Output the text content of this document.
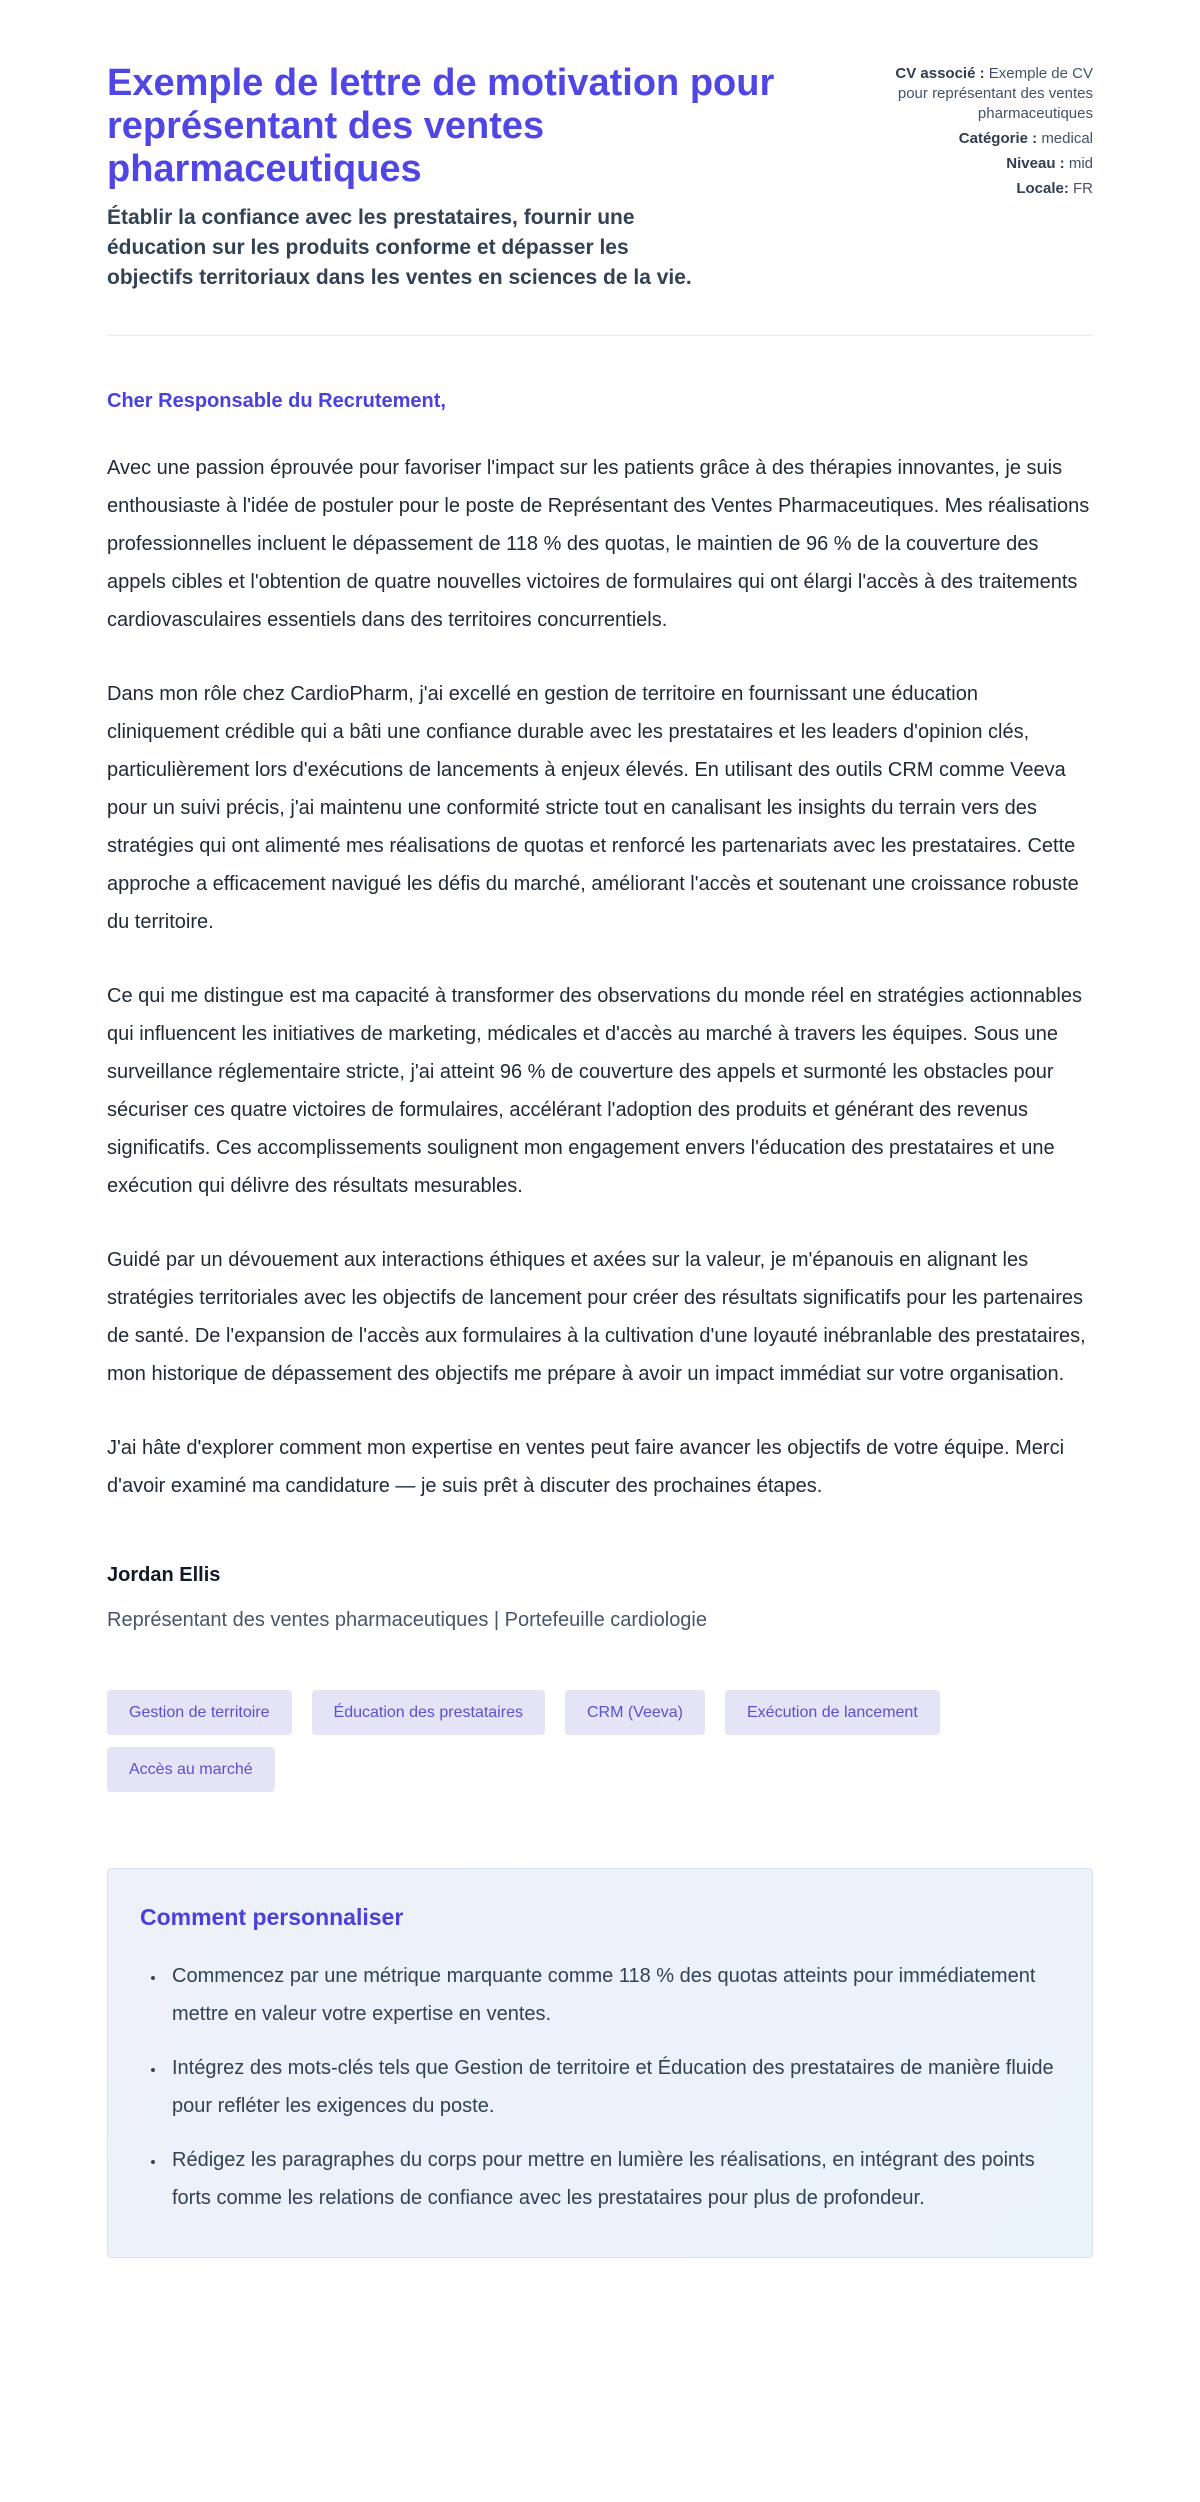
Exemple de lettre de motivation pour représentant des ventes pharmaceutiques

Établir la confiance avec les prestataires, fournir une éducation sur les produits conforme et dépasser les objectifs territoriaux dans les ventes en sciences de la vie.

CV associé : Exemple de CV pour représentant des ventes pharmaceutiques

Catégorie : medical

Niveau : mid

Locale: FR

Cher Responsable du Recrutement,

Avec une passion éprouvée pour favoriser l'impact sur les patients grâce à des thérapies innovantes, je suis enthousiaste à l'idée de postuler pour le poste de Représentant des Ventes Pharmaceutiques. Mes réalisations professionnelles incluent le dépassement de 118 % des quotas, le maintien de 96 % de la couverture des appels cibles et l'obtention de quatre nouvelles victoires de formulaires qui ont élargi l'accès à des traitements cardiovasculaires essentiels dans des territoires concurrentiels.

Dans mon rôle chez CardioPharm, j'ai excellé en gestion de territoire en fournissant une éducation cliniquement crédible qui a bâti une confiance durable avec les prestataires et les leaders d'opinion clés, particulièrement lors d'exécutions de lancements à enjeux élevés. En utilisant des outils CRM comme Veeva pour un suivi précis, j'ai maintenu une conformité stricte tout en canalisant les insights du terrain vers des stratégies qui ont alimenté mes réalisations de quotas et renforcé les partenariats avec les prestataires. Cette approche a efficacement navigué les défis du marché, améliorant l'accès et soutenant une croissance robuste du territoire.

Ce qui me distingue est ma capacité à transformer des observations du monde réel en stratégies actionnables qui influencent les initiatives de marketing, médicales et d'accès au marché à travers les équipes. Sous une surveillance réglementaire stricte, j'ai atteint 96 % de couverture des appels et surmonté les obstacles pour sécuriser ces quatre victoires de formulaires, accélérant l'adoption des produits et générant des revenus significatifs. Ces accomplissements soulignent mon engagement envers l'éducation des prestataires et une exécution qui délivre des résultats mesurables.

Guidé par un dévouement aux interactions éthiques et axées sur la valeur, je m'épanouis en alignant les stratégies territoriales avec les objectifs de lancement pour créer des résultats significatifs pour les partenaires de santé. De l'expansion de l'accès aux formulaires à la cultivation d'une loyauté inébranlable des prestataires, mon historique de dépassement des objectifs me prépare à avoir un impact immédiat sur votre organisation.

J'ai hâte d'explorer comment mon expertise en ventes peut faire avancer les objectifs de votre équipe. Merci d'avoir examiné ma candidature — je suis prêt à discuter des prochaines étapes.

Jordan Ellis

Représentant des ventes pharmaceutiques | Portefeuille cardiologie

Gestion de territoire	Éducation des prestataires	CRM (Veeva)	Exécution de lancement
Accès au marché
Comment personnaliser
• Commencez par une métrique marquante comme 118 % des quotas atteints pour immédiatement mettre en valeur votre expertise en ventes.
• Intégrez des mots-clés tels que Gestion de territoire et Éducation des prestataires de manière fluide pour refléter les exigences du poste.
• Rédigez les paragraphes du corps pour mettre en lumière les réalisations, en intégrant des points forts comme les relations de confiance avec les prestataires pour plus de profondeur.
